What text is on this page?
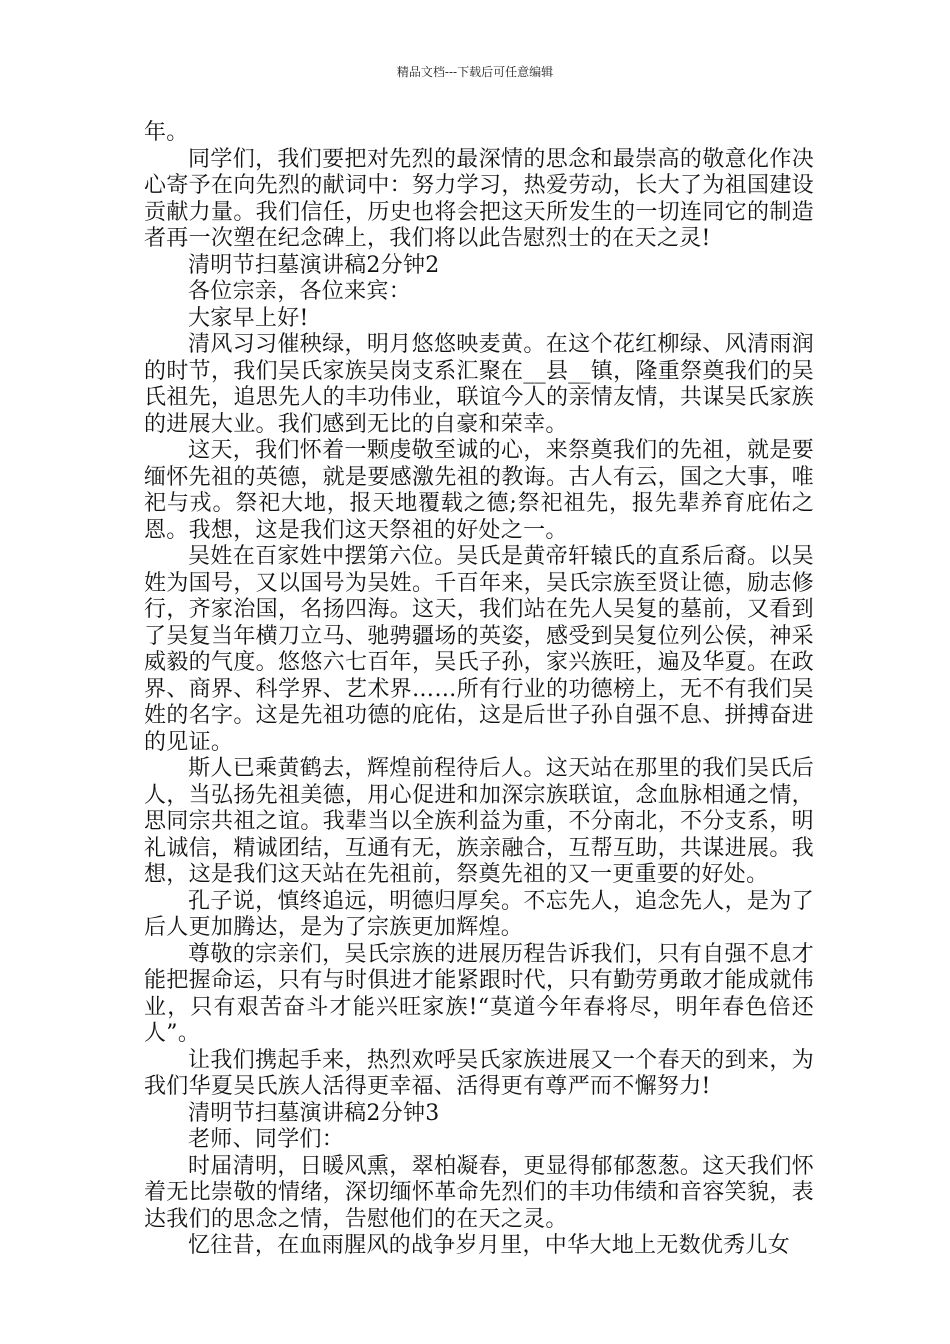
精品文档---下载后可任意编辑

年。

同学们，我们要把对先烈的最深情的思念和最崇高的敬意化作决心寄予在向先烈的献词中：努力学习，热爱劳动，长大了为祖国建设贡献力量。我们信任，历史也将会把这天所发生的一切连同它的制造者再一次塑在纪念碑上，我们将以此告慰烈士的在天之灵!

清明节扫墓演讲稿2分钟2

各位宗亲，各位来宾：

大家早上好!

清风习习催秧绿，明月悠悠映麦黄。在这个花红柳绿、风清雨润的时节，我们吴氏家族吴岗支系汇聚在__县__镇，隆重祭奠我们的吴氏祖先，追思先人的丰功伟业，联谊今人的亲情友情，共谋吴氏家族的进展大业。我们感到无比的自豪和荣幸。

这天，我们怀着一颗虔敬至诚的心，来祭奠我们的先祖，就是要缅怀先祖的英德，就是要感激先祖的教诲。古人有云，国之大事，唯祀与戎。祭祀大地，报天地覆载之德;祭祀祖先，报先辈养育庇佑之恩。我想，这是我们这天祭祖的好处之一。

吴姓在百家姓中摆第六位。吴氏是黄帝轩辕氏的直系后裔。以吴姓为国号，又以国号为吴姓。千百年来，吴氏宗族至贤让德，励志修行，齐家治国，名扬四海。这天，我们站在先人吴复的墓前，又看到了吴复当年横刀立马、驰骋疆场的英姿，感受到吴复位列公侯，神采威毅的气度。悠悠六七百年，吴氏子孙，家兴族旺，遍及华夏。在政界、商界、科学界、艺术界……所有行业的功德榜上，无不有我们吴姓的名字。这是先祖功德的庇佑，这是后世子孙自强不息、拼搏奋进的见证。

斯人已乘黄鹤去，辉煌前程待后人。这天站在那里的我们吴氏后人，当弘扬先祖美德，用心促进和加深宗族联谊，念血脉相通之情，思同宗共祖之谊。我辈当以全族利益为重，不分南北，不分支系，明礼诚信，精诚团结，互通有无，族亲融合，互帮互助，共谋进展。我想，这是我们这天站在先祖前，祭奠先祖的又一更重要的好处。

孔子说，慎终追远，明德归厚矣。不忘先人，追念先人，是为了后人更加腾达，是为了宗族更加辉煌。

尊敬的宗亲们，吴氏宗族的进展历程告诉我们，只有自强不息才能把握命运，只有与时俱进才能紧跟时代，只有勤劳勇敢才能成就伟业，只有艰苦奋斗才能兴旺家族!“莫道今年春将尽，明年春色倍还人”。

让我们携起手来，热烈欢呼吴氏家族进展又一个春天的到来，为我们华夏吴氏族人活得更幸福、活得更有尊严而不懈努力!

清明节扫墓演讲稿2分钟3

老师、同学们：

时届清明，日暖风熏，翠柏凝春，更显得郁郁葱葱。这天我们怀着无比崇敬的情绪，深切缅怀革命先烈们的丰功伟绩和音容笑貌，表达我们的思念之情，告慰他们的在天之灵。

忆往昔，在血雨腥风的战争岁月里，中华大地上无数优秀儿女
